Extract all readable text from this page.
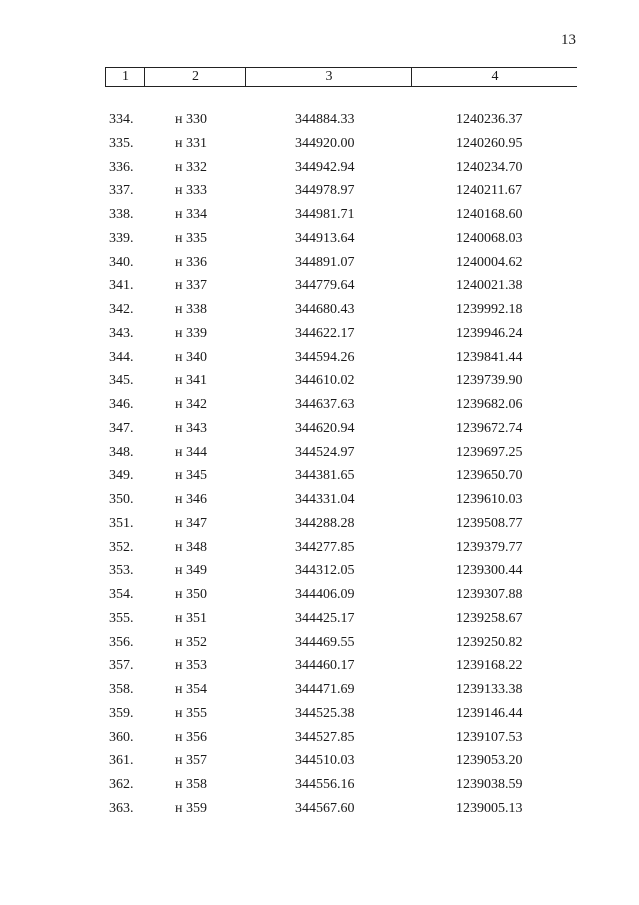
13
1	2	3	4
334.	н 330	344884.33	1240236.37
335.	н 331	344920.00	1240260.95
336.	н 332	344942.94	1240234.70
337.	н 333	344978.97	1240211.67
338.	н 334	344981.71	1240168.60
339.	н 335	344913.64	1240068.03
340.	н 336	344891.07	1240004.62
341.	н 337	344779.64	1240021.38
342.	н 338	344680.43	1239992.18
343.	н 339	344622.17	1239946.24
344.	н 340	344594.26	1239841.44
345.	н 341	344610.02	1239739.90
346.	н 342	344637.63	1239682.06
347.	н 343	344620.94	1239672.74
348.	н 344	344524.97	1239697.25
349.	н 345	344381.65	1239650.70
350.	н 346	344331.04	1239610.03
351.	н 347	344288.28	1239508.77
352.	н 348	344277.85	1239379.77
353.	н 349	344312.05	1239300.44
354.	н 350	344406.09	1239307.88
355.	н 351	344425.17	1239258.67
356.	н 352	344469.55	1239250.82
357.	н 353	344460.17	1239168.22
358.	н 354	344471.69	1239133.38
359.	н 355	344525.38	1239146.44
360.	н 356	344527.85	1239107.53
361.	н 357	344510.03	1239053.20
362.	н 358	344556.16	1239038.59
363.	н 359	344567.60	1239005.13
